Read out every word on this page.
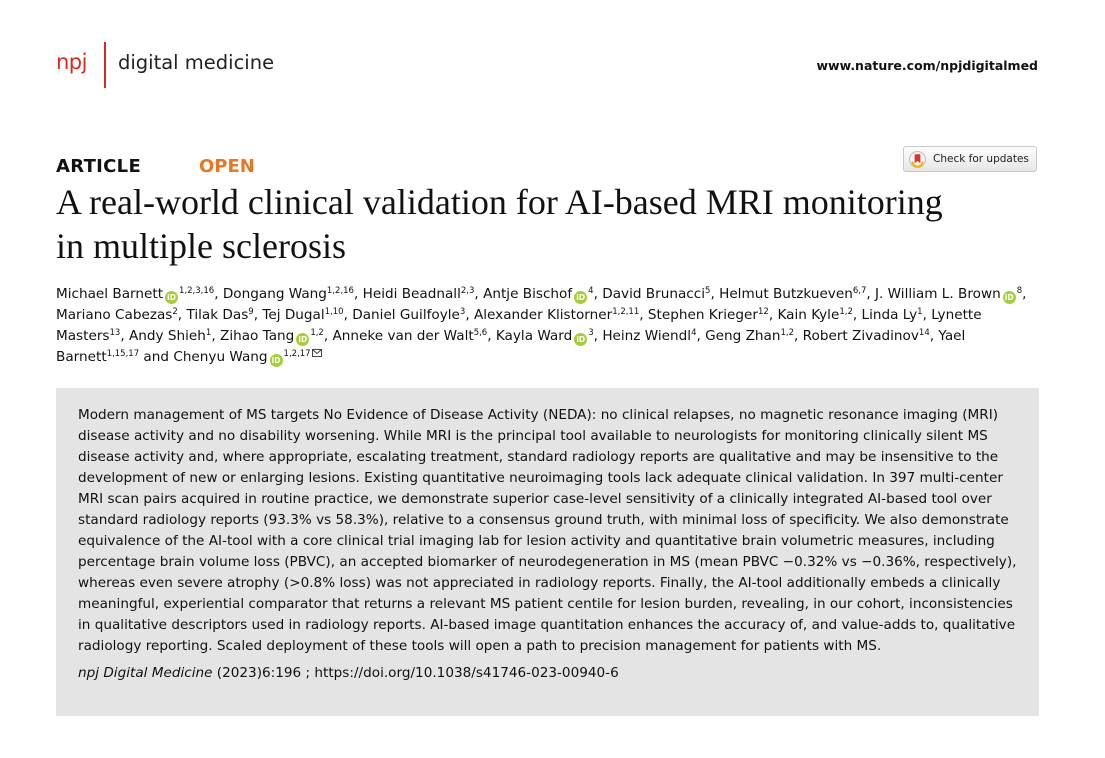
npj digital medicine	www.nature.com/npjdigitalmed
ARTICLE	OPEN	Check for updates
A real-world clinical validation for AI-based MRI monitoring
in multiple sclerosis

Michael Barnett iD$^{1,2,3,16}$, Dongang Wang$^{1,2,16}$, Heidi Beadnall$^{2,3}$, Antje Bischof $iD^4$, David Brunacci$^5$, Helmut Butzkueven$^{6,7}$, J. William L. Brown $iD^8$, Mariano Cabezas$^2$, Tilak Das$^9$, Tej Dugal$^{1,10}$, Daniel Guilfoyle$^3$, Alexander Klistorner$^{1,2,11}$, Stephen Krieger$^{12}$, Kain Kyle$^{1,2}$, Linda Ly$^1$, Lynette Masters$^{13}$, Andy Shieh$^1$, Zihao Tang iD$^{1,2}$, Anneke van der Walt$^{5,6}$, Kayla Ward $iD^3$, Heinz Wiendl$^4$, Geng Zhan$^{1,2}$, Robert Zivadinov$^{14}$, Yael Barnett$^{1,15,17}$ and Chenyu Wang iD$^{1,2,17}$

Modern management of MS targets No Evidence of Disease Activity (NEDA): no clinical relapses, no magnetic resonance imaging (MRI) disease activity and no disability worsening. While MRI is the principal tool available to neurologists for monitoring clinically silent MS disease activity and, where appropriate, escalating treatment, standard radiology reports are qualitative and may be insensitive to the development of new or enlarging lesions. Existing quantitative neuroimaging tools lack adequate clinical validation. In 397 multi-center MRI scan pairs acquired in routine practice, we demonstrate superior case-level sensitivity of a clinically integrated AI-based tool over standard radiology reports (93.3% vs 58.3%), relative to a consensus ground truth, with minimal loss of specificity. We also demonstrate equivalence of the AI-tool with a core clinical trial imaging lab for lesion activity and quantitative brain volumetric measures, including percentage brain volume loss (PBVC), an accepted biomarker of neurodegeneration in MS (mean PBVC −0.32% vs −0.36%, respectively), whereas even severe atrophy (>0.8% loss) was not appreciated in radiology reports. Finally, the AI-tool additionally embeds a clinically meaningful, experiential comparator that returns a relevant MS patient centile for lesion burden, revealing, in our cohort, inconsistencies in qualitative descriptors used in radiology reports. AI-based image quantitation enhances the accuracy of, and value-adds to, qualitative radiology reporting. Scaled deployment of these tools will open a path to precision management for patients with MS.

npj Digital Medicine (2023)6:196 ; https://doi.org/10.1038/s41746-023-00940-6
